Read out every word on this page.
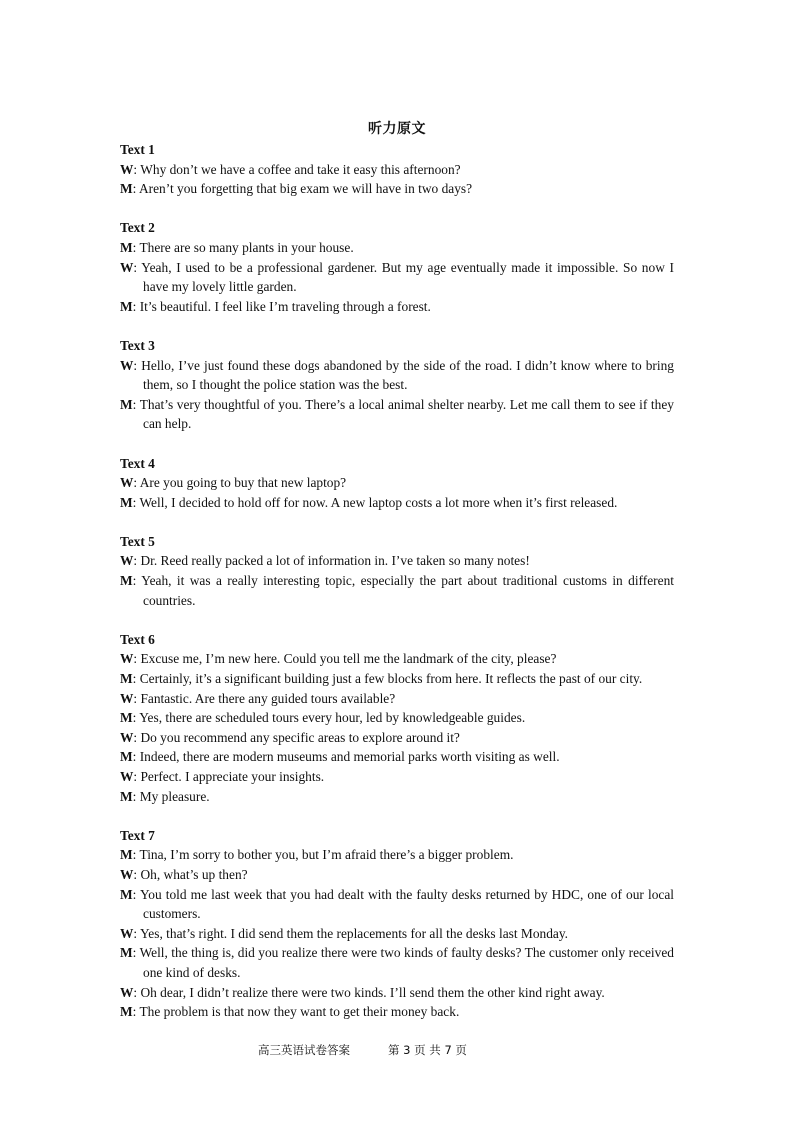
听力原文
Text 1
W: Why don’t we have a coffee and take it easy this afternoon?
M: Aren’t you forgetting that big exam we will have in two days?
Text 2
M: There are so many plants in your house.
W: Yeah, I used to be a professional gardener. But my age eventually made it impossible. So now I have my lovely little garden.
M: It’s beautiful. I feel like I’m traveling through a forest.
Text 3
W: Hello, I’ve just found these dogs abandoned by the side of the road. I didn’t know where to bring them, so I thought the police station was the best.
M: That’s very thoughtful of you. There’s a local animal shelter nearby. Let me call them to see if they can help.
Text 4
W: Are you going to buy that new laptop?
M: Well, I decided to hold off for now. A new laptop costs a lot more when it’s first released.
Text 5
W: Dr. Reed really packed a lot of information in. I’ve taken so many notes!
M: Yeah, it was a really interesting topic, especially the part about traditional customs in different countries.
Text 6
W: Excuse me, I’m new here. Could you tell me the landmark of the city, please?
M: Certainly, it’s a significant building just a few blocks from here. It reflects the past of our city.
W: Fantastic. Are there any guided tours available?
M: Yes, there are scheduled tours every hour, led by knowledgeable guides.
W: Do you recommend any specific areas to explore around it?
M: Indeed, there are modern museums and memorial parks worth visiting as well.
W: Perfect. I appreciate your insights.
M: My pleasure.
Text 7
M: Tina, I’m sorry to bother you, but I’m afraid there’s a bigger problem.
W: Oh, what’s up then?
M: You told me last week that you had dealt with the faulty desks returned by HDC, one of our local customers.
W: Yes, that’s right. I did send them the replacements for all the desks last Monday.
M: Well, the thing is, did you realize there were two kinds of faulty desks? The customer only received one kind of desks.
W: Oh dear, I didn’t realize there were two kinds. I’ll send them the other kind right away.
M: The problem is that now they want to get their money back.
高三英语试卷答案	第 3 页 共 7 页
